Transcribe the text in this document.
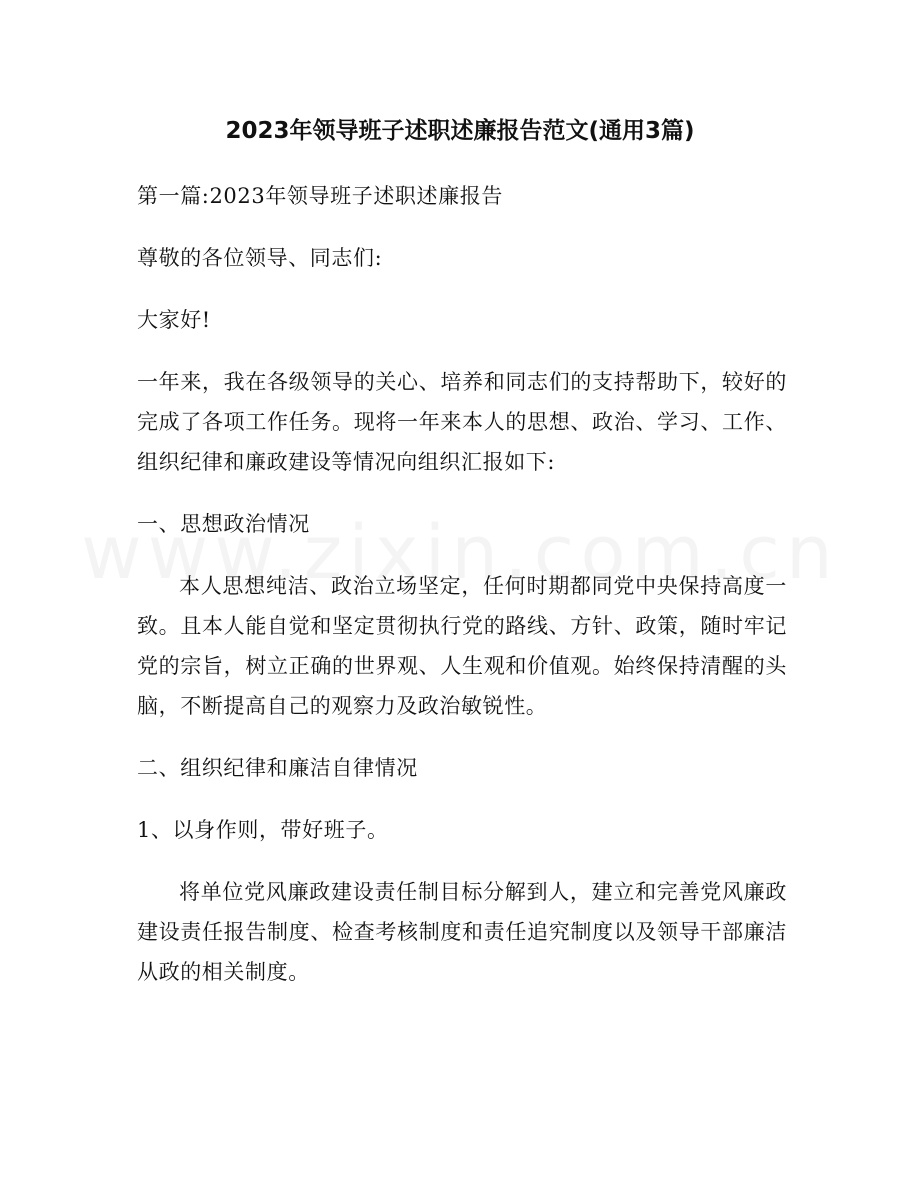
2023年领导班子述职述廉报告范文(通用3篇)

第一篇:2023年领导班子述职述廉报告

尊敬的各位领导、同志们:

大家好!

一年来，我在各级领导的关心、培养和同志们的支持帮助下，较好的完成了各项工作任务。现将一年来本人的思想、政治、学习、工作、组织纪律和廉政建设等情况向组织汇报如下:

一、思想政治情况

本人思想纯洁、政治立场坚定，任何时期都同党中央保持高度一致。且本人能自觉和坚定贯彻执行党的路线、方针、政策，随时牢记党的宗旨，树立正确的世界观、人生观和价值观。始终保持清醒的头脑，不断提高自己的观察力及政治敏锐性。

二、组织纪律和廉洁自律情况

1、以身作则，带好班子。

将单位党风廉政建设责任制目标分解到人，建立和完善党风廉政建设责任报告制度、检查考核制度和责任追究制度以及领导干部廉洁从政的相关制度。
